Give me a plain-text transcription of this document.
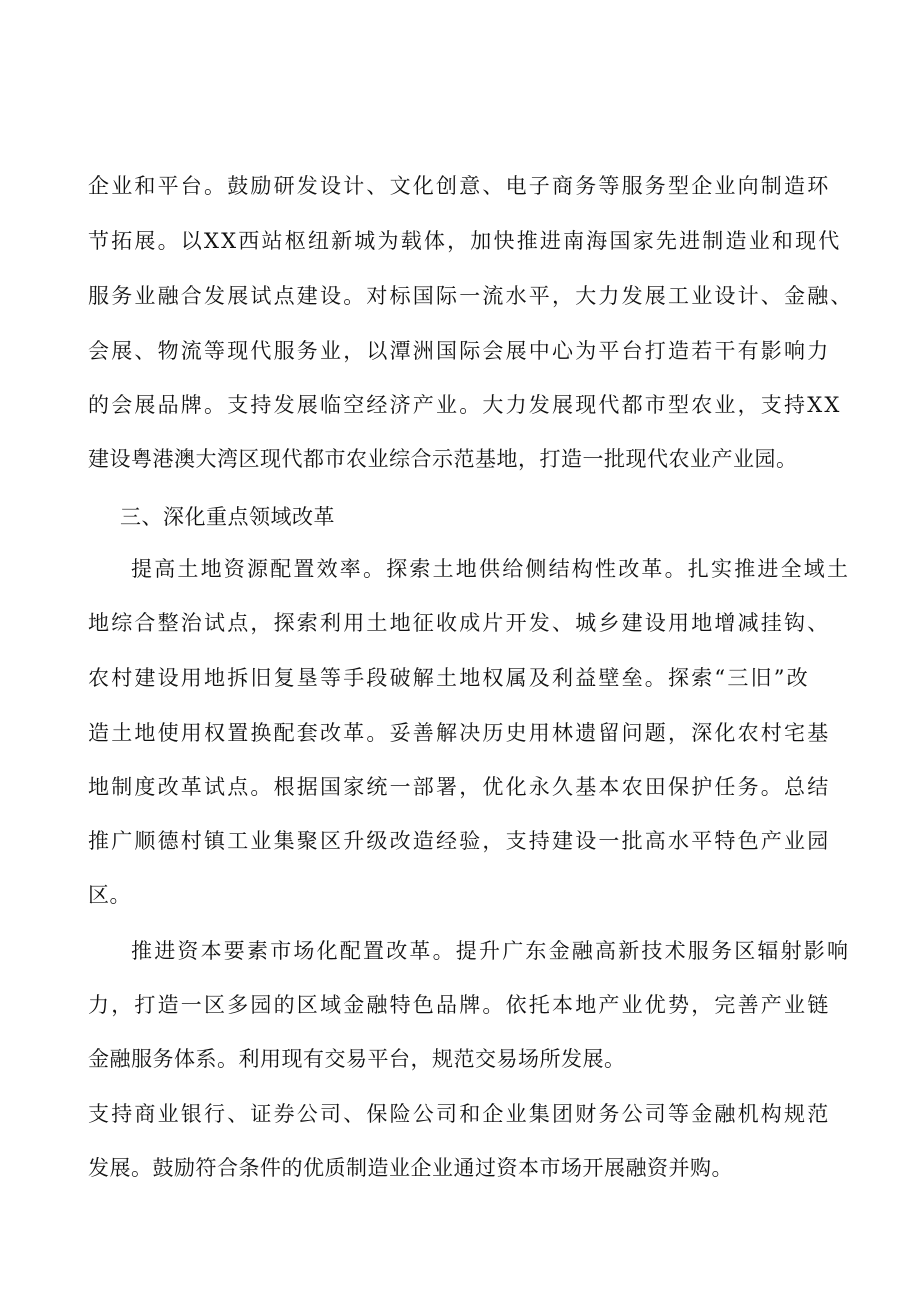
企业和平台。鼓励研发设计、文化创意、电子商务等服务型企业向制造环
节拓展。以XX西站枢纽新城为载体，加快推进南海国家先进制造业和现代
服务业融合发展试点建设。对标国际一流水平，大力发展工业设计、金融、
会展、物流等现代服务业，以潭洲国际会展中心为平台打造若干有影响力
的会展品牌。支持发展临空经济产业。大力发展现代都市型农业，支持XX
建设粤港澳大湾区现代都市农业综合示范基地，打造一批现代农业产业园。
三、深化重点领域改革
提高土地资源配置效率。探索土地供给侧结构性改革。扎实推进全域土
地综合整治试点，探索利用土地征收成片开发、城乡建设用地增减挂钩、
农村建设用地拆旧复垦等手段破解土地权属及利益壁垒。探索“三旧”改
造土地使用权置换配套改革。妥善解决历史用林遗留问题，深化农村宅基
地制度改革试点。根据国家统一部署，优化永久基本农田保护任务。总结
推广顺德村镇工业集聚区升级改造经验，支持建设一批高水平特色产业园
区。
推进资本要素市场化配置改革。提升广东金融高新技术服务区辐射影响
力，打造一区多园的区域金融特色品牌。依托本地产业优势，完善产业链
金融服务体系。利用现有交易平台，规范交易场所发展。
支持商业银行、证券公司、保险公司和企业集团财务公司等金融机构规范
发展。鼓励符合条件的优质制造业企业通过资本市场开展融资并购。
